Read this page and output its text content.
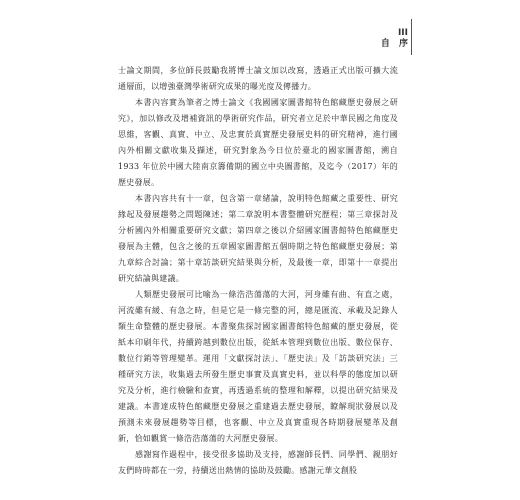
III
自 序

士論文期間，多位師長鼓勵我將博士論文加以改寫，透過正式出版可擴大流通層面，以增強臺灣學術研究成果的曝光度及傳播力。

本書內容實為筆者之博士論文《我國國家圖書館特色館藏歷史發展之研究》，加以修改及增補資訊的學術研究作品，研究者立足於中華民國之角度及思維，客觀、真實、中立、及忠實於真實歷史發展史料的研究精神，進行國內外相關文獻收集及擷述，研究對象為今日位於臺北的國家圖書館，溯自 1933 年位於中國大陸南京籌備期的國立中央圖書館，及迄今（2017）年的歷史發展。

本書內容共有十一章，包含第一章緒論，說明特色館藏之重要性、研究緣起及發展趨勢之問題陳述；第二章說明本書整體研究歷程；第三章探討及分析國內外相關重要研究文獻；第四章之後以介紹國家圖書館特色館藏歷史發展為主體，包含之後的五章國家圖書館五個時期之特色館藏歷史發展；第九章綜合討論；第十章訪談研究結果與分析，及最後一章，即第十一章提出研究結論與建議。

人類歷史發展可比喻為一條浩浩蕩蕩的大河，河身雖有曲、有直之處，河流雖有緩、有急之時，但是它是一條完整的河，總是匯流、承載及記錄人類生命整體的歷史發展。本書聚焦探討國家圖書館特色館藏的歷史發展，從紙本印刷年代，持續跨越到數位出版，從紙本管理到數位出版、數位保存、數位行銷等管理變革。運用「文獻探討法」、「歷史法」及「訪談研究法」三種研究方法，收集過去所發生歷史事實及真實史料，並以科學的態度加以研究及分析，進行檢驗和查實，再透過系統的整理和解釋，以提出研究結果及建議。本書達成特色館藏歷史發展之重建過去歷史發展，瞭解現狀發展以及預測未來發展趨勢等目標，也客觀、中立及真實重現各時期發展變革及創新，恰如觀賞一條浩浩蕩蕩的大河歷史發展。

感謝寫作過程中，接受很多協助及支持，感謝師長們、同學們、親朋好友們時時都在一旁，持續送出熱情的協助及鼓勵。感謝元華文創股
